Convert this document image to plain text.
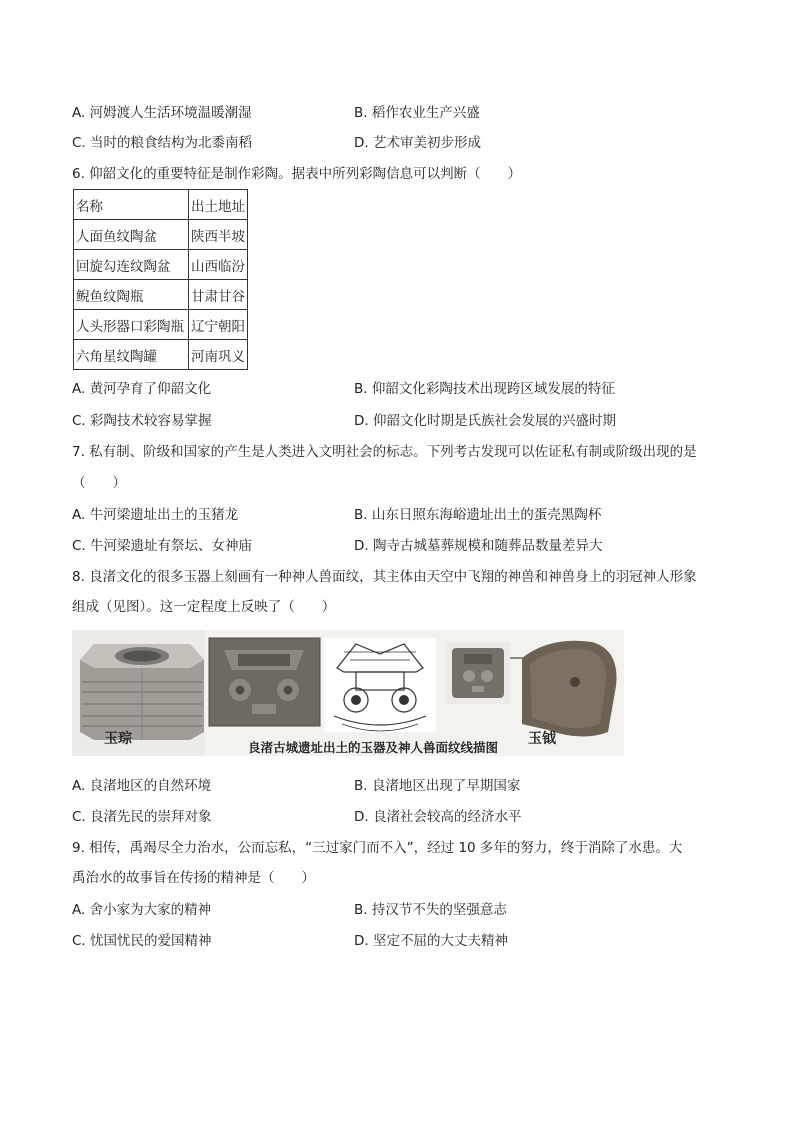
A. 河姆渡人生活环境温暖潮湿	B. 稻作农业生产兴盛
C. 当时的粮食结构为北黍南稻	D. 艺术审美初步形成
6. 仰韶文化的重要特征是制作彩陶。据表中所列彩陶信息可以判断（　　）
名称	出土地址
人面鱼纹陶盆	陕西半坡
回旋勾连纹陶盆	山西临汾
鲵鱼纹陶瓶	甘肃甘谷
人头形器口彩陶瓶	辽宁朝阳
六角星纹陶罐	河南巩义
A. 黄河孕育了仰韶文化	B. 仰韶文化彩陶技术出现跨区域发展的特征
C. 彩陶技术较容易掌握	D. 仰韶文化时期是氏族社会发展的兴盛时期
7. 私有制、阶级和国家的产生是人类进入文明社会的标志。下列考古发现可以佐证私有制或阶级出现的是
（　　）
A. 牛河梁遗址出土的玉猪龙	B. 山东日照东海峪遗址出土的蛋壳黑陶杯
C. 牛河梁遗址有祭坛、女神庙	D. 陶寺古城墓葬规模和随葬品数量差异大
8. 良渚文化的很多玉器上刻画有一种神人兽面纹，其主体由天空中飞翔的神兽和神兽身上的羽冠神人形象
组成（见图）。这一定程度上反映了（　　）
玉琮
良渚古城遗址出土的玉器及神人兽面纹线描图
玉钺
A. 良渚地区的自然环境	B. 良渚地区出现了早期国家
C. 良渚先民的崇拜对象	D. 良渚社会较高的经济水平
9. 相传，禹竭尽全力治水，公而忘私，“三过家门而不入”，经过 10 多年的努力，终于消除了水患。大
禹治水的故事旨在传扬的精神是（　　）
A. 舍小家为大家的精神	B. 持汉节不失的坚强意志
C. 忧国忧民的爱国精神	D. 坚定不屈的大丈夫精神
